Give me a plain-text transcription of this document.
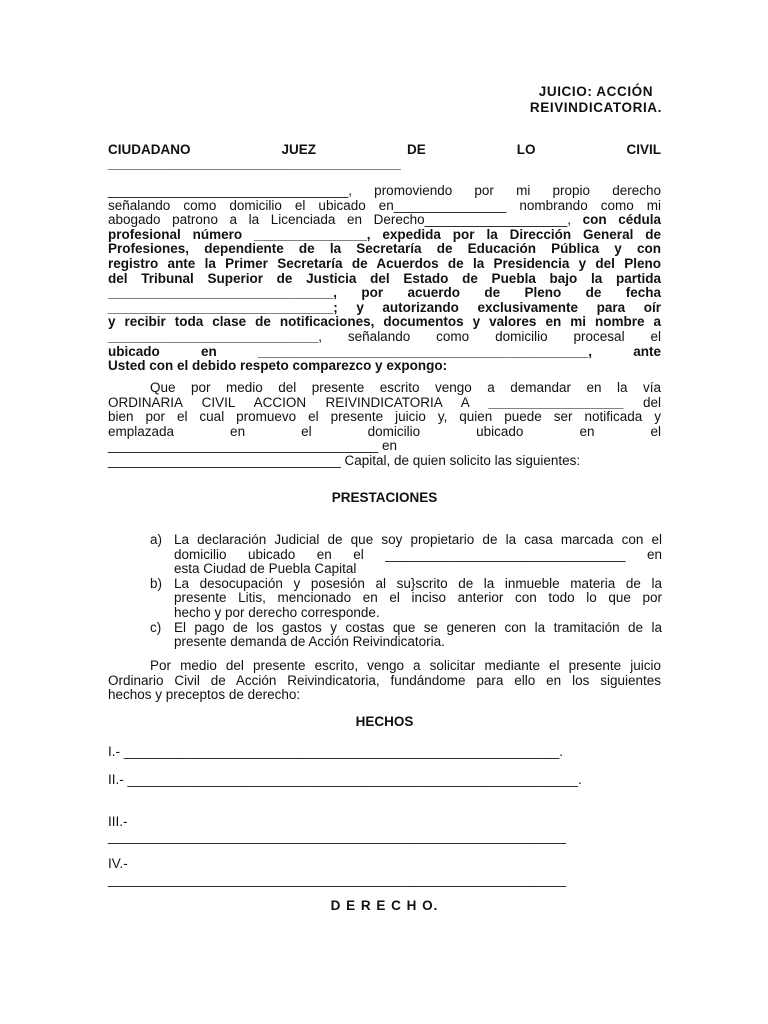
JUICIO: ACCIÓN
REIVINDICATORIA.
CIUDADANO	JUEZ	DE	LO	CIVIL
_______________________________________
________________________________, promoviendo por mi propio derecho
señalando como domicilio el ubicado en_______________ nombrando como mi
abogado patrono a la Licenciada en Derecho___________________, con cédula
profesional número _______________, expedida por la Dirección General de
Profesiones, dependiente de la Secretaría de Educación Pública y con
registro ante la Primer Secretaría de Acuerdos de la Presidencia y del Pleno
del Tribunal Superior de Justicia del Estado de Puebla bajo la partida
______________________________, por acuerdo de Pleno de fecha
______________________________; y autorizando exclusivamente para oír
y recibir toda clase de notificaciones, documentos y valores en mi nombre a
____________________________, señalando como domicilio procesal el
ubicado en ____________________________________________, ante
Usted con el debido respeto comparezco y expongo:
Que por medio del presente escrito vengo a demandar en la vía
ORDINARIA CIVIL ACCION REIVINDICATORIA A __________________ del
bien por el cual promuevo el presente juicio y, quien puede ser notificada y
emplazada en el domicilio ubicado en el
____________________________________ en
_______________________________ Capital, de quien solicito las siguientes:
PRESTACIONES
a) La declaración Judicial de que soy propietario de la casa marcada con el
domicilio ubicado en el ________________________________ en
esta Ciudad de Puebla Capital
b) La desocupación y posesión al su}scrito de la inmueble materia de la
presente Litis, mencionado en el inciso anterior con todo lo que por
hecho y por derecho corresponde.
c) El pago de los gastos y costas que se generen con la tramitación de la
presente demanda de Acción Reivindicatoria.
Por medio del presente escrito, vengo a solicitar mediante el presente juicio
Ordinario Civil de Acción Reivindicatoria, fundándome para ello en los siguientes
hechos y preceptos de derecho:
HECHOS
I.- __________________________________________________________.
II.- ____________________________________________________________.
III.-
_____________________________________________________________
IV.-
_____________________________________________________________
D E R E C H O.
